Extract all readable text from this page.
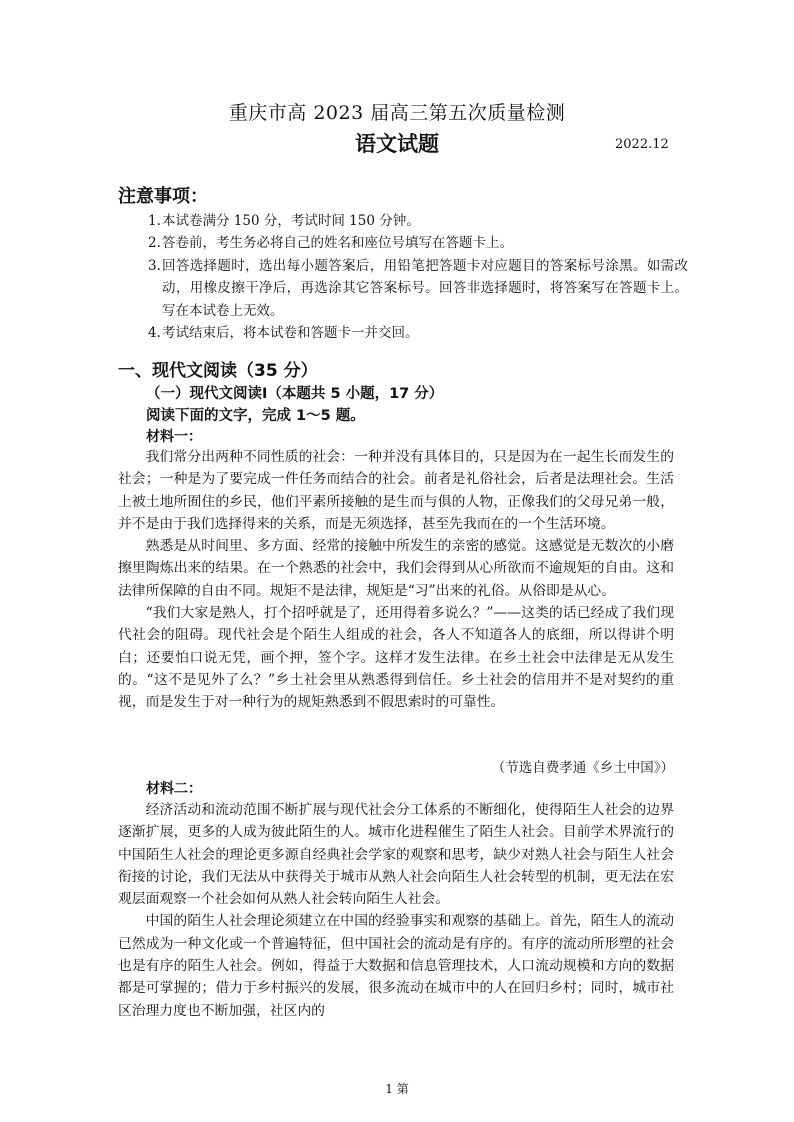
重庆市高 2023 届高三第五次质量检测
语文试题	2022.12
注意事项：
1. 本试卷满分 150 分，考试时间 150 分钟。
2. 答卷前，考生务必将自己的姓名和座位号填写在答题卡上。
3. 回答选择题时，选出每小题答案后，用铅笔把答题卡对应题目的答案标号涂黑。如需改动，用橡皮擦干净后，再选涂其它答案标号。回答非选择题时，将答案写在答题卡上。写在本试卷上无效。
4. 考试结束后，将本试卷和答题卡一并交回。
一、现代文阅读（35 分）
（一）现代文阅读Ⅰ（本题共 5 小题，17 分）
阅读下面的文字，完成 1～5 题。
材料一：

我们常分出两种不同性质的社会：一种并没有具体目的，只是因为在一起生长而发生的社会；一种是为了要完成一件任务而结合的社会。前者是礼俗社会，后者是法理社会。生活上被土地所囿住的乡民，他们平素所接触的是生而与俱的人物，正像我们的父母兄弟一般，并不是由于我们选择得来的关系，而是无须选择，甚至先我而在的一个生活环境。

熟悉是从时间里、多方面、经常的接触中所发生的亲密的感觉。这感觉是无数次的小磨擦里陶炼出来的结果。在一个熟悉的社会中，我们会得到从心所欲而不逾规矩的自由。这和法律所保障的自由不同。规矩不是法律，规矩是“习”出来的礼俗。从俗即是从心。

“我们大家是熟人，打个招呼就是了，还用得着多说么？”——这类的话已经成了我们现代社会的阻碍。现代社会是个陌生人组成的社会，各人不知道各人的底细，所以得讲个明白；还要怕口说无凭，画个押，签个字。这样才发生法律。在乡土社会中法律是无从发生的。“这不是见外了么？”乡土社会里从熟悉得到信任。乡土社会的信用并不是对契约的重视，而是发生于对一种行为的规矩熟悉到不假思索时的可靠性。

（节选自费孝通《乡土中国》）
材料二：

经济活动和流动范围不断扩展与现代社会分工体系的不断细化，使得陌生人社会的边界逐渐扩展，更多的人成为彼此陌生的人。城市化进程催生了陌生人社会。目前学术界流行的中国陌生人社会的理论更多源自经典社会学家的观察和思考，缺少对熟人社会与陌生人社会衔接的讨论，我们无法从中获得关于城市从熟人社会向陌生人社会转型的机制，更无法在宏观层面观察一个社会如何从熟人社会转向陌生人社会。

中国的陌生人社会理论须建立在中国的经验事实和观察的基础上。首先，陌生人的流动已然成为一种文化或一个普遍特征，但中国社会的流动是有序的。有序的流动所形塑的社会也是有序的陌生人社会。例如，得益于大数据和信息管理技术，人口流动规模和方向的数据都是可掌握的；借力于乡村振兴的发展，很多流动在城市中的人在回归乡村；同时，城市社区治理力度也不断加强，社区内的

1 第
